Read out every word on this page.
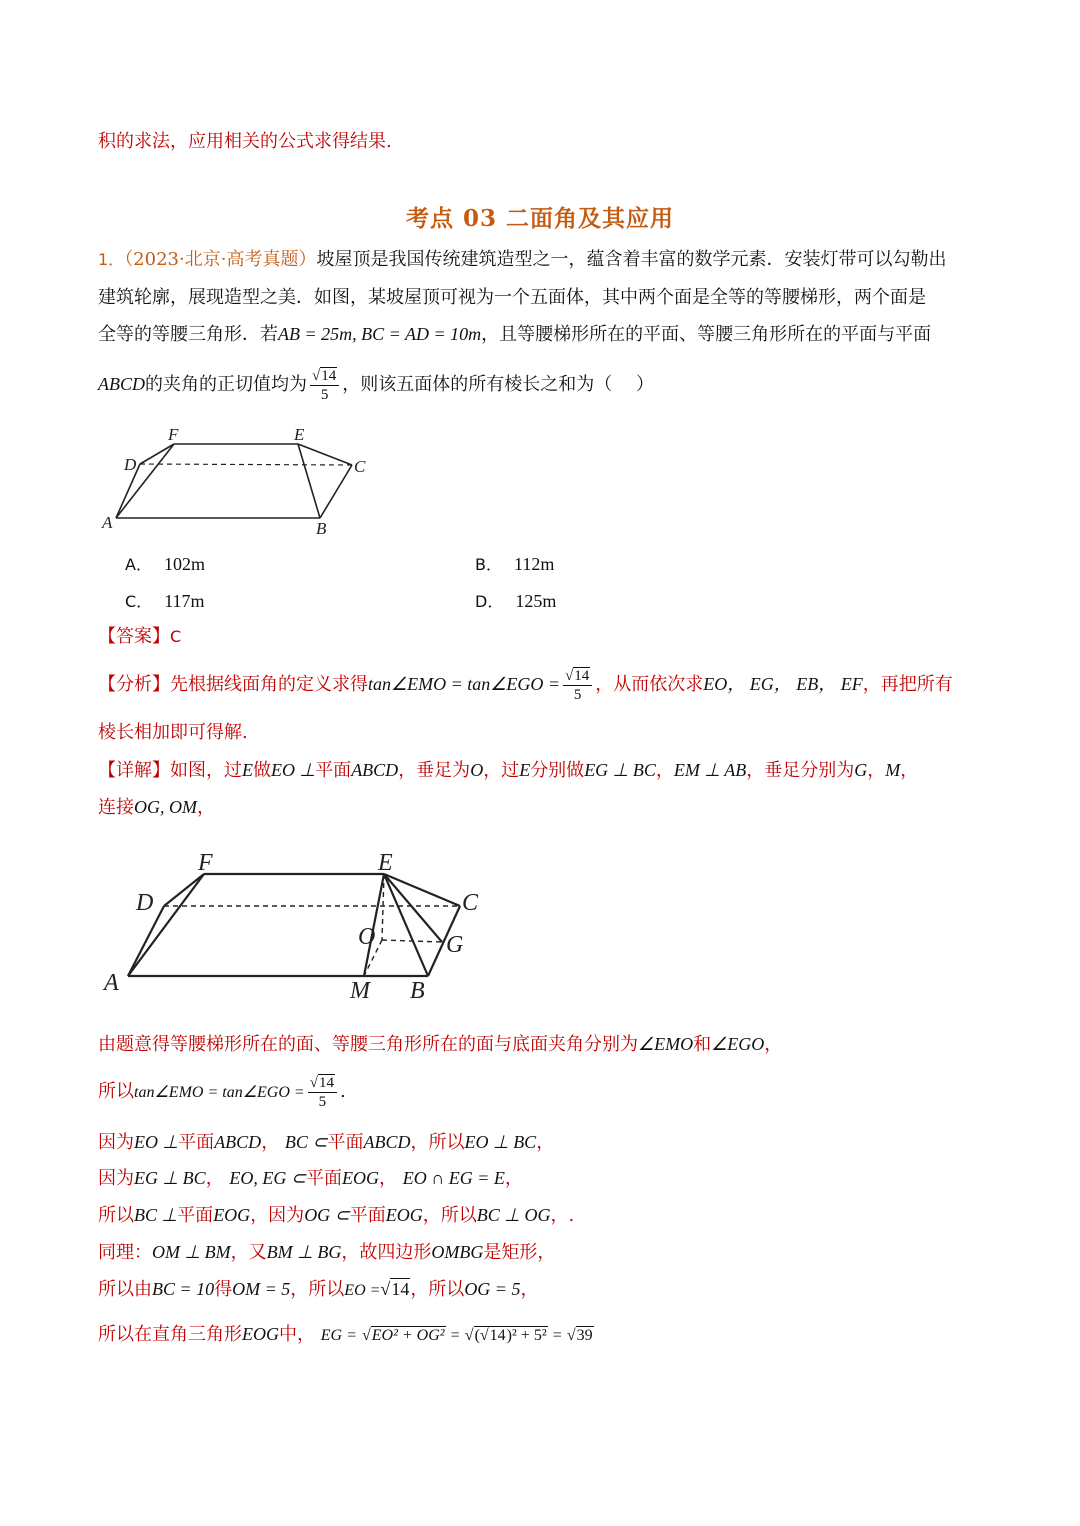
积的求法，应用相关的公式求得结果.
考点 03 二面角及其应用
1．（2023·北京·高考真题）坡屋顶是我国传统建筑造型之一，蕴含着丰富的数学元素．安装灯带可以勾勒出
建筑轮廓，展现造型之美．如图，某坡屋顶可视为一个五面体，其中两个面是全等的等腰梯形，两个面是
全等的等腰三角形．若AB = 25m, BC = AD = 10m，且等腰梯形所在的平面、等腰三角形所在的平面与平面
ABCD的夹角的正切值均为 $\frac{√14}{5}$ ，则该五面体的所有棱长之和为（　 ）
A	B
C
D
E
F
A． 102m	B． 112m
C． 117m	D． 125m
【答案】C
【分析】先根据线面角的定义求得tan∠EMO = tan∠EGO = $\frac{√14}{5}$ ，从而依次求EO， EG， EB， EF，再把所有
棱长相加即可得解.
【详解】如图，过E做EO ⊥平面ABCD，垂足为O，过E分别做EG ⊥ BC，EM ⊥ AB，垂足分别为G，M，
连接OG, OM，
A	B
C
D
E
F
G
M
O
由题意得等腰梯形所在的面、等腰三角形所在的面与底面夹角分别为∠EMO和∠EGO，
所以tan∠EMO = tan∠EGO = $\frac{√14}{5}$ .
因为EO ⊥平面ABCD， BC ⊂平面ABCD，所以EO ⊥ BC，
因为EG ⊥ BC， EO, EG ⊂平面EOG， EO ∩ EG = E，
所以BC ⊥平面EOG，因为OG ⊂平面EOG，所以BC ⊥ OG，.
同理：OM ⊥ BM，又BM ⊥ BG，故四边形OMBG是矩形，
所以由BC = 10得OM = 5，所以EO =√14，所以OG = 5，
所以在直角三角形EOG中， EG = √EO² + OG² = √(√14)² + 5² = √39
